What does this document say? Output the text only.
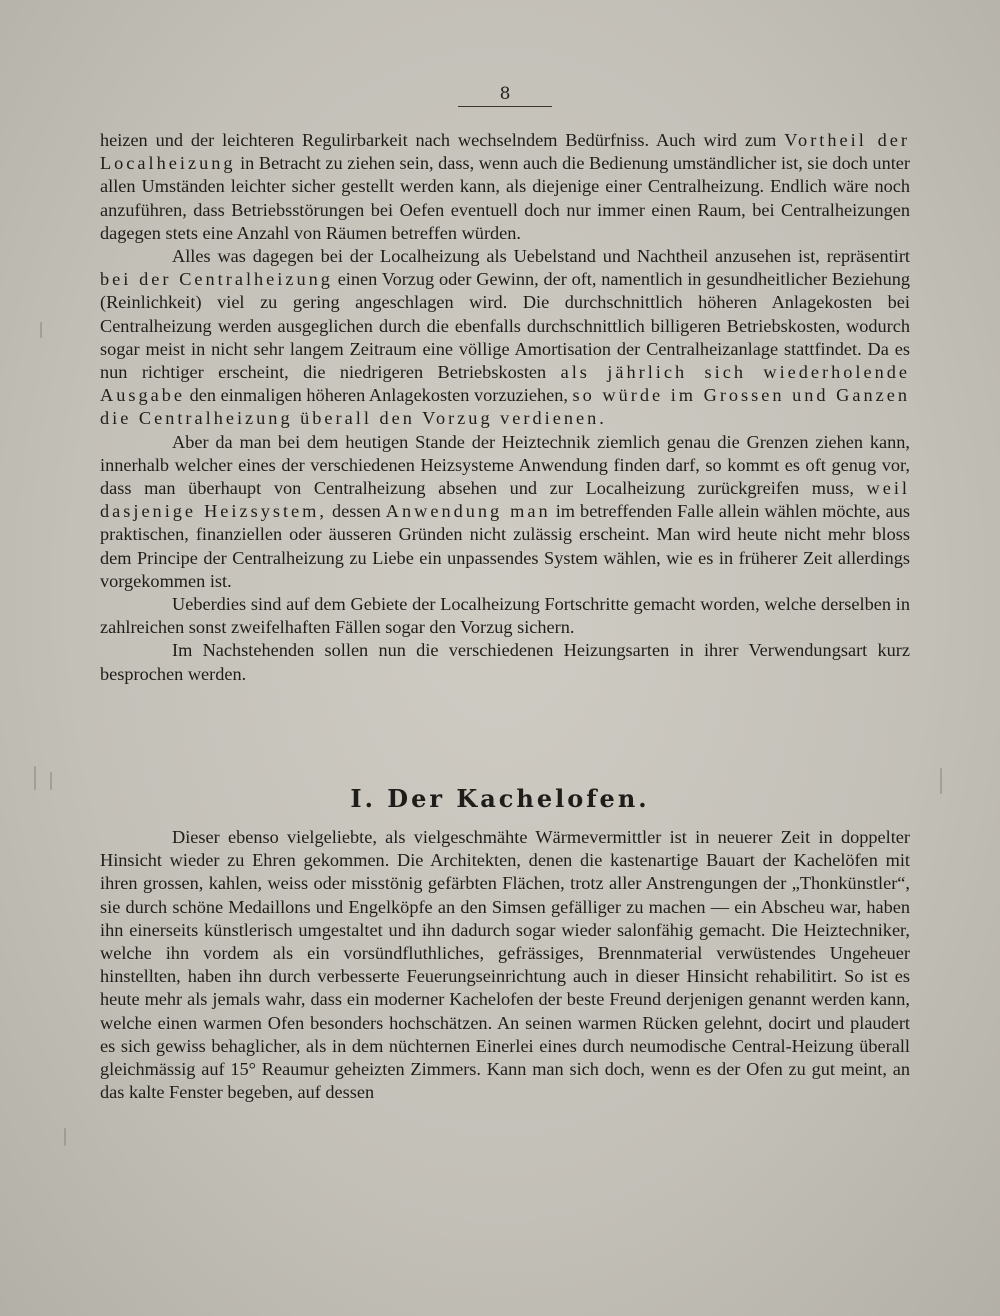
8

heizen und der leichteren Regulirbarkeit nach wechselndem Bedürfniss. Auch wird zum Vortheil der Localheizung in Betracht zu ziehen sein, dass, wenn auch die Bedienung umständlicher ist, sie doch unter allen Umständen leichter sicher gestellt werden kann, als diejenige einer Centralheizung. Endlich wäre noch anzuführen, dass Betriebsstörungen bei Oefen eventuell doch nur immer einen Raum, bei Centralheizungen dagegen stets eine Anzahl von Räumen betreffen würden.

Alles was dagegen bei der Localheizung als Uebelstand und Nachtheil anzusehen ist, repräsentirt bei der Centralheizung einen Vorzug oder Gewinn, der oft, namentlich in gesundheitlicher Beziehung (Reinlichkeit) viel zu gering angeschlagen wird. Die durchschnittlich höheren Anlagekosten bei Centralheizung werden ausgeglichen durch die ebenfalls durchschnittlich billigeren Betriebskosten, wodurch sogar meist in nicht sehr langem Zeitraum eine völlige Amortisation der Centralheizanlage stattfindet. Da es nun richtiger erscheint, die niedrigeren Betriebskosten als jährlich sich wiederholende Ausgabe den einmaligen höheren Anlagekosten vorzuziehen, so würde im Grossen und Ganzen die Centralheizung überall den Vorzug verdienen.

Aber da man bei dem heutigen Stande der Heiztechnik ziemlich genau die Grenzen ziehen kann, innerhalb welcher eines der verschiedenen Heizsysteme Anwendung finden darf, so kommt es oft genug vor, dass man überhaupt von Centralheizung absehen und zur Localheizung zurückgreifen muss, weil dasjenige Heizsystem, dessen Anwendung man im betreffenden Falle allein wählen möchte, aus praktischen, finanziellen oder äusseren Gründen nicht zulässig erscheint. Man wird heute nicht mehr bloss dem Principe der Centralheizung zu Liebe ein unpassendes System wählen, wie es in früherer Zeit allerdings vorgekommen ist.

Ueberdies sind auf dem Gebiete der Localheizung Fortschritte gemacht worden, welche derselben in zahlreichen sonst zweifelhaften Fällen sogar den Vorzug sichern.

Im Nachstehenden sollen nun die verschiedenen Heizungsarten in ihrer Verwendungsart kurz besprochen werden.

I. Der Kachelofen.

Dieser ebenso vielgeliebte, als vielgeschmähte Wärmevermittler ist in neuerer Zeit in doppelter Hinsicht wieder zu Ehren gekommen. Die Architekten, denen die kastenartige Bauart der Kachelöfen mit ihren grossen, kahlen, weiss oder misstönig gefärbten Flächen, trotz aller Anstrengungen der „Thonkünstler“, sie durch schöne Medaillons und Engelköpfe an den Simsen gefälliger zu machen — ein Abscheu war, haben ihn einerseits künstlerisch umgestaltet und ihn dadurch sogar wieder salonfähig gemacht. Die Heiztechniker, welche ihn vordem als ein vorsündfluthliches, gefrässiges, Brennmaterial verwüstendes Ungeheuer hinstellten, haben ihn durch verbesserte Feuerungseinrichtung auch in dieser Hinsicht rehabilitirt. So ist es heute mehr als jemals wahr, dass ein moderner Kachelofen der beste Freund derjenigen genannt werden kann, welche einen warmen Ofen besonders hochschätzen. An seinen warmen Rücken gelehnt, docirt und plaudert es sich gewiss behaglicher, als in dem nüchternen Einerlei eines durch neumodische Central-Heizung überall gleichmässig auf 15° Reaumur geheizten Zimmers. Kann man sich doch, wenn es der Ofen zu gut meint, an das kalte Fenster begeben, auf dessen
